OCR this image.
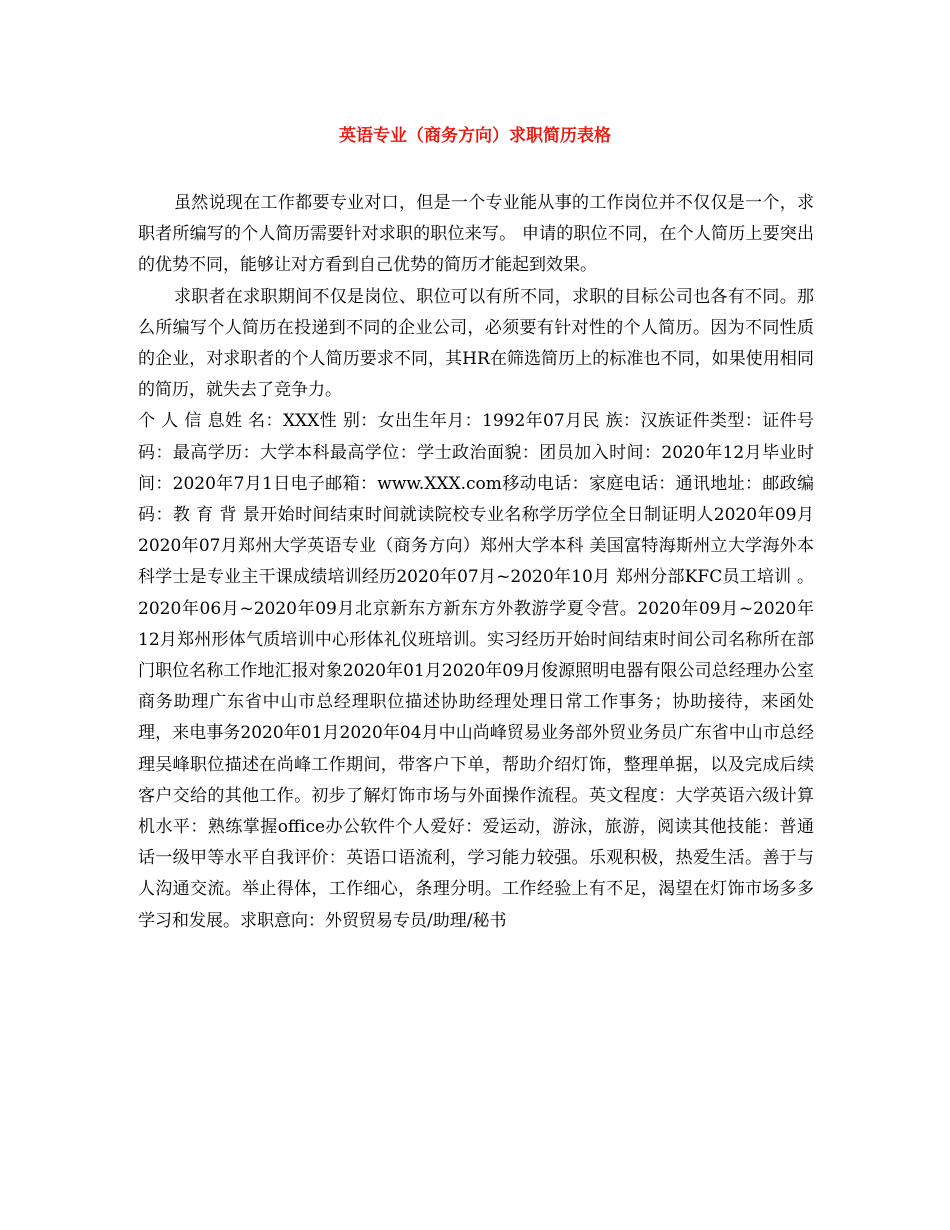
英语专业（商务方向）求职简历表格

虽然说现在工作都要专业对口，但是一个专业能从事的工作岗位并不仅仅是一个，求职者所编写的个人简历需要针对求职的职位来写。 申请的职位不同，在个人简历上要突出的优势不同，能够让对方看到自己优势的简历才能起到效果。

求职者在求职期间不仅是岗位、职位可以有所不同，求职的目标公司也各有不同。那么所编写个人简历在投递到不同的企业公司，必须要有针对性的个人简历。因为不同性质的企业，对求职者的个人简历要求不同，其HR在筛选简历上的标准也不同，如果使用相同的简历，就失去了竞争力。

个 人 信 息姓 名：XXX性 别：女出生年月：1992年07月民 族：汉族证件类型：证件号码：最高学历：大学本科最高学位：学士政治面貌：团员加入时间：2020年12月毕业时间：2020年7月1日电子邮箱：www.XXX.com移动电话：家庭电话：通讯地址：邮政编码：教 育 背 景开始时间结束时间就读院校专业名称学历学位全日制证明人2020年09月2020年07月郑州大学英语专业（商务方向）郑州大学本科 美国富特海斯州立大学海外本科学士是专业主干课成绩培训经历2020年07月~2020年10月 郑州分部KFC员工培训 。2020年06月~2020年09月北京新东方新东方外教游学夏令营。2020年09月~2020年12月郑州形体气质培训中心形体礼仪班培训。实习经历开始时间结束时间公司名称所在部门职位名称工作地汇报对象2020年01月2020年09月俊源照明电器有限公司总经理办公室商务助理广东省中山市总经理职位描述协助经理处理日常工作事务；协助接待，来函处理，来电事务2020年01月2020年04月中山尚峰贸易业务部外贸业务员广东省中山市总经理吴峰职位描述在尚峰工作期间，带客户下单，帮助介绍灯饰，整理单据，以及完成后续客户交给的其他工作。初步了解灯饰市场与外面操作流程。英文程度：大学英语六级计算机水平：熟练掌握office办公软件个人爱好：爱运动，游泳，旅游，阅读其他技能：普通话一级甲等水平自我评价：英语口语流利，学习能力较强。乐观积极，热爱生活。善于与人沟通交流。举止得体，工作细心，条理分明。工作经验上有不足，渴望在灯饰市场多多学习和发展。求职意向：外贸贸易专员/助理/秘书
